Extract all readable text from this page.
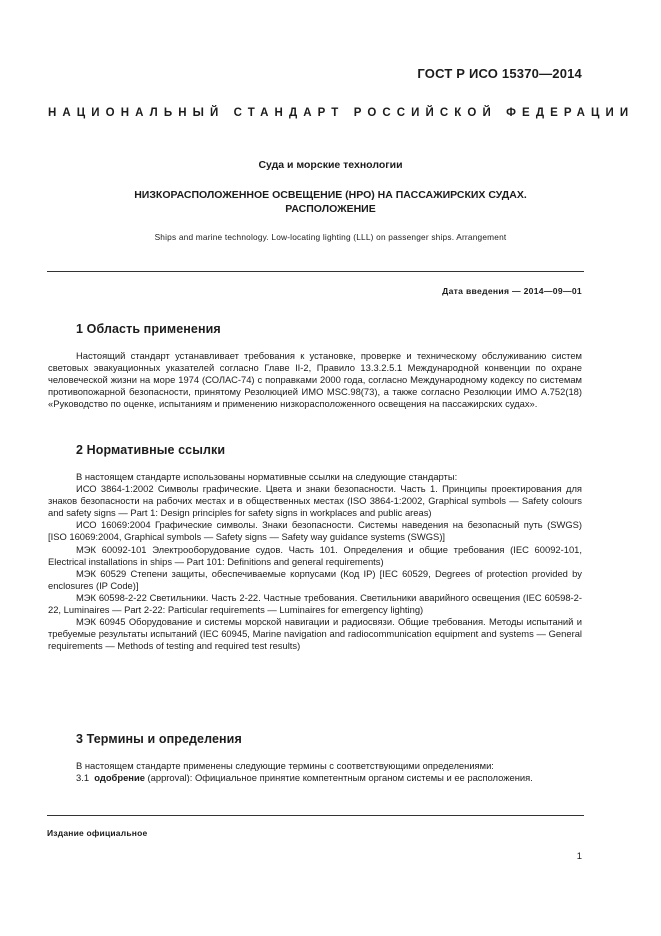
ГОСТ Р ИСО 15370—2014
НАЦИОНАЛЬНЫЙ СТАНДАРТ РОССИЙСКОЙ ФЕДЕРАЦИИ
Суда и морские технологии
НИЗКОРАСПОЛОЖЕННОЕ ОСВЕЩЕНИЕ (НРО) НА ПАССАЖИРСКИХ СУДАХ.
РАСПОЛОЖЕНИЕ
Ships and marine technology. Low-locating lighting (LLL) on passenger ships. Arrangement
Дата введения — 2014—09—01
1 Область применения

Настоящий стандарт устанавливает требования к установке, проверке и техническому обслуживанию систем световых эвакуационных указателей согласно Главе II-2, Правило 13.3.2.5.1 Международной конвенции по охране человеческой жизни на море 1974 (СОЛАС-74) с поправками 2000 года, согласно Международному кодексу по системам противопожарной безопасности, принятому Резолюцией ИМО MSC.98(73), а также согласно Резолюции ИМО А.752(18) «Руководство по оценке, испытаниям и применению низкорасположенного освещения на пассажирских судах».

2 Нормативные ссылки

В настоящем стандарте использованы нормативные ссылки на следующие стандарты:

ИСО 3864-1:2002 Символы графические. Цвета и знаки безопасности. Часть 1. Принципы проектирования для знаков безопасности на рабочих местах и в общественных местах (ISO 3864-1:2002, Graphical symbols — Safety colours and safety signs — Part 1: Design principles for safety signs in workplaces and public areas)

ИСО 16069:2004 Графические символы. Знаки безопасности. Системы наведения на безопасный путь (SWGS) [ISO 16069:2004, Graphical symbols — Safety signs — Safety way guidance systems (SWGS)]

МЭК 60092-101 Электрооборудование судов. Часть 101. Определения и общие требования (IEC 60092-101, Electrical installations in ships — Part 101: Definitions and general requirements)

МЭК 60529 Степени защиты, обеспечиваемые корпусами (Код IP) [IEC 60529, Degrees of protection provided by enclosures (IP Code)]

МЭК 60598-2-22 Светильники. Часть 2-22. Частные требования. Светильники аварийного освещения (IEC 60598-2-22, Luminaires — Part 2-22: Particular requirements — Luminaires for emergency lighting)

МЭК 60945 Оборудование и системы морской навигации и радиосвязи. Общие требования. Методы испытаний и требуемые результаты испытаний (IEC 60945, Marine navigation and radiocommunication equipment and systems — General requirements — Methods of testing and required test results)

3 Термины и определения

В настоящем стандарте применены следующие термины с соответствующими определениями:

3.1 одобрение (approval): Официальное принятие компетентным органом системы и ее расположения.

Издание официальное
1
